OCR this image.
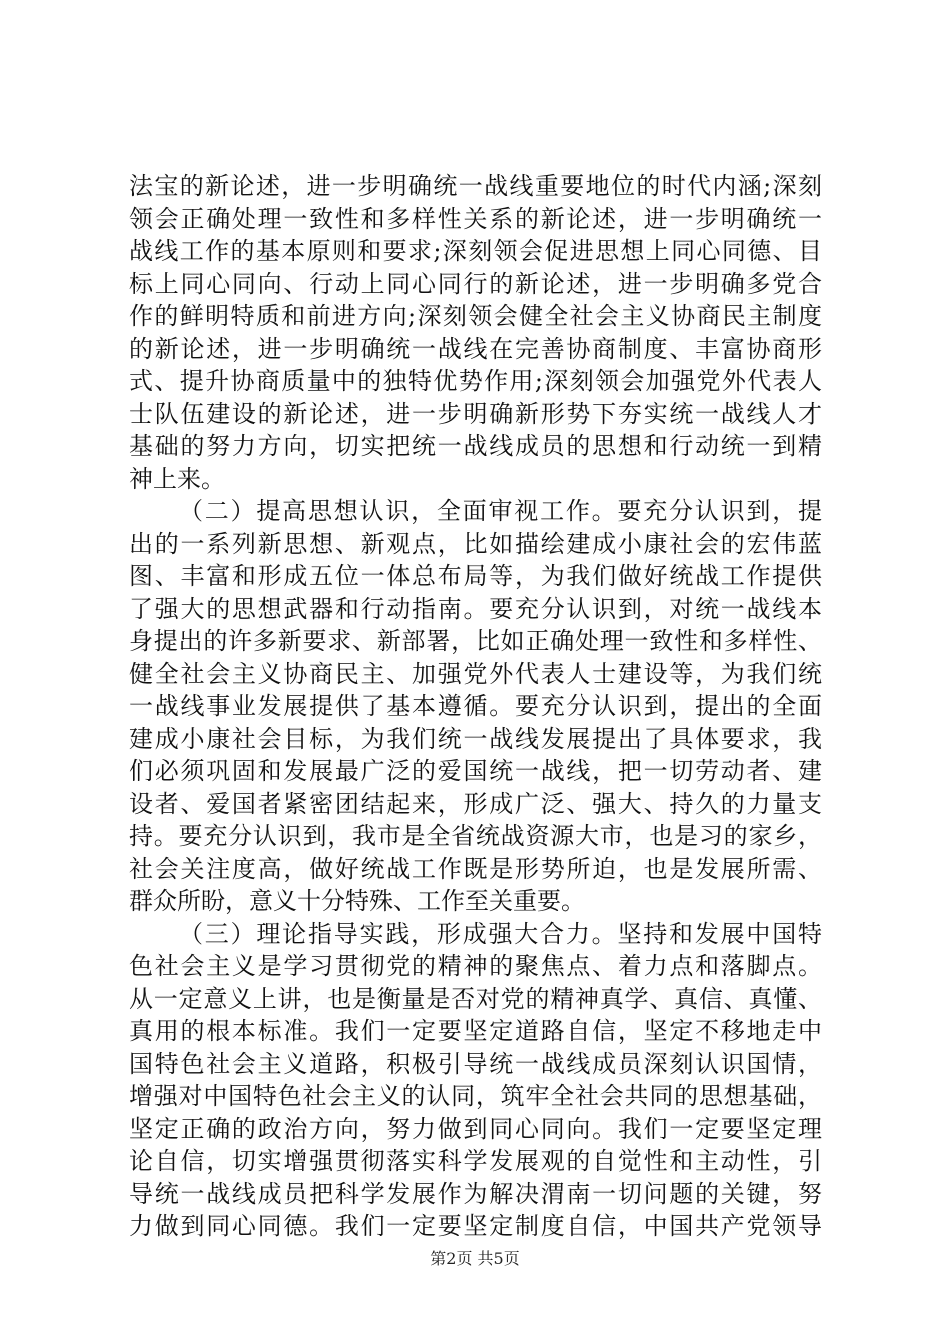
法宝的新论述，进一步明确统一战线重要地位的时代内涵;深刻
领会正确处理一致性和多样性关系的新论述，进一步明确统一
战线工作的基本原则和要求;深刻领会促进思想上同心同德、目
标上同心同向、行动上同心同行的新论述，进一步明确多党合
作的鲜明特质和前进方向;深刻领会健全社会主义协商民主制度
的新论述，进一步明确统一战线在完善协商制度、丰富协商形
式、提升协商质量中的独特优势作用;深刻领会加强党外代表人
士队伍建设的新论述，进一步明确新形势下夯实统一战线人才
基础的努力方向，切实把统一战线成员的思想和行动统一到精
神上来。
（二）提高思想认识，全面审视工作。要充分认识到，提
出的一系列新思想、新观点，比如描绘建成小康社会的宏伟蓝
图、丰富和形成五位一体总布局等，为我们做好统战工作提供
了强大的思想武器和行动指南。要充分认识到，对统一战线本
身提出的许多新要求、新部署，比如正确处理一致性和多样性、
健全社会主义协商民主、加强党外代表人士建设等，为我们统
一战线事业发展提供了基本遵循。要充分认识到，提出的全面
建成小康社会目标，为我们统一战线发展提出了具体要求，我
们必须巩固和发展最广泛的爱国统一战线，把一切劳动者、建
设者、爱国者紧密团结起来，形成广泛、强大、持久的力量支
持。要充分认识到，我市是全省统战资源大市，也是习的家乡，
社会关注度高，做好统战工作既是形势所迫，也是发展所需、
群众所盼，意义十分特殊、工作至关重要。
（三）理论指导实践，形成强大合力。坚持和发展中国特
色社会主义是学习贯彻党的精神的聚焦点、着力点和落脚点。
从一定意义上讲，也是衡量是否对党的精神真学、真信、真懂、
真用的根本标准。我们一定要坚定道路自信，坚定不移地走中
国特色社会主义道路，积极引导统一战线成员深刻认识国情，
增强对中国特色社会主义的认同，筑牢全社会共同的思想基础，
坚定正确的政治方向，努力做到同心同向。我们一定要坚定理
论自信，切实增强贯彻落实科学发展观的自觉性和主动性，引
导统一战线成员把科学发展作为解决渭南一切问题的关键，努
力做到同心同德。我们一定要坚定制度自信，中国共产党领导
第2页 共5页
